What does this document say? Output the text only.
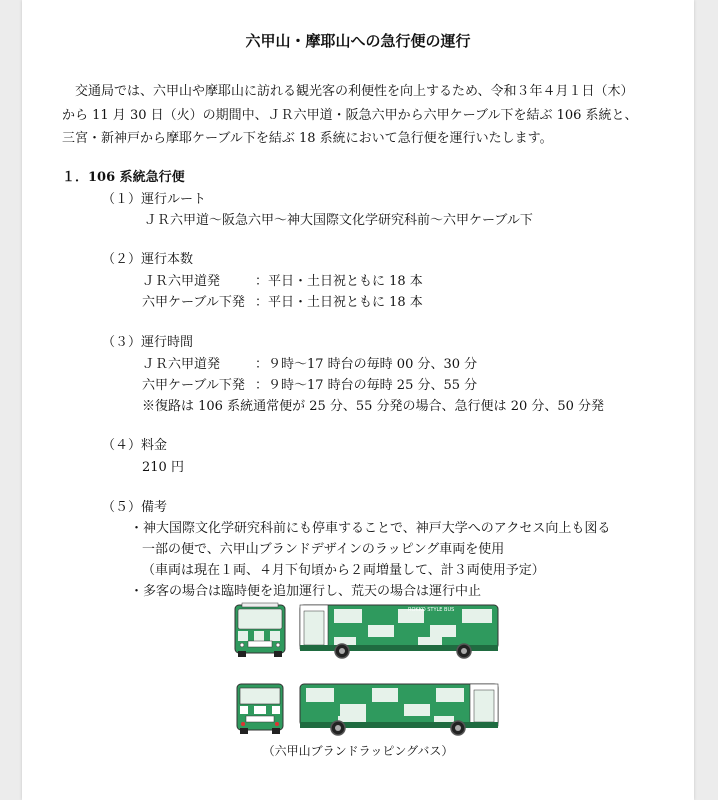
六甲山・摩耶山への急行便の運行
　交通局では、六甲山や摩耶山に訪れる観光客の利便性を向上するため、令和３年４月１日（木）
から 11 月 30 日（火）の期間中、ＪＲ六甲道・阪急六甲から六甲ケーブル下を結ぶ 106 系統と、
三宮・新神戸から摩耶ケーブル下を結ぶ 18 系統において急行便を運行いたします。
１．106 系統急行便
（１）運行ルート
ＪＲ六甲道～阪急六甲～神大国際文化学研究科前～六甲ケーブル下
（２）運行本数
ＪＲ六甲道発	：平日・土日祝ともに 18 本
六甲ケーブル下発 ：平日・土日祝ともに 18 本
（３）運行時間
ＪＲ六甲道発	：９時～17 時台の毎時 00 分、30 分
六甲ケーブル下発 ：９時～17 時台の毎時 25 分、55 分
※復路は 106 系統通常便が 25 分、55 分発の場合、急行便は 20 分、50 分発
（４）料金
210 円
（５）備考
・神大国際文化学研究科前にも停車することで、神戸大学へのアクセス向上も図る
一部の便で、六甲山ブランドデザインのラッピング車両を使用
（車両は現在１両、４月下旬頃から２両増量して、計３両使用予定）
・多客の場合は臨時便を追加運行し、荒天の場合は運行中止
ROKKO STYLE BUS
（六甲山ブランドラッピングバス）
